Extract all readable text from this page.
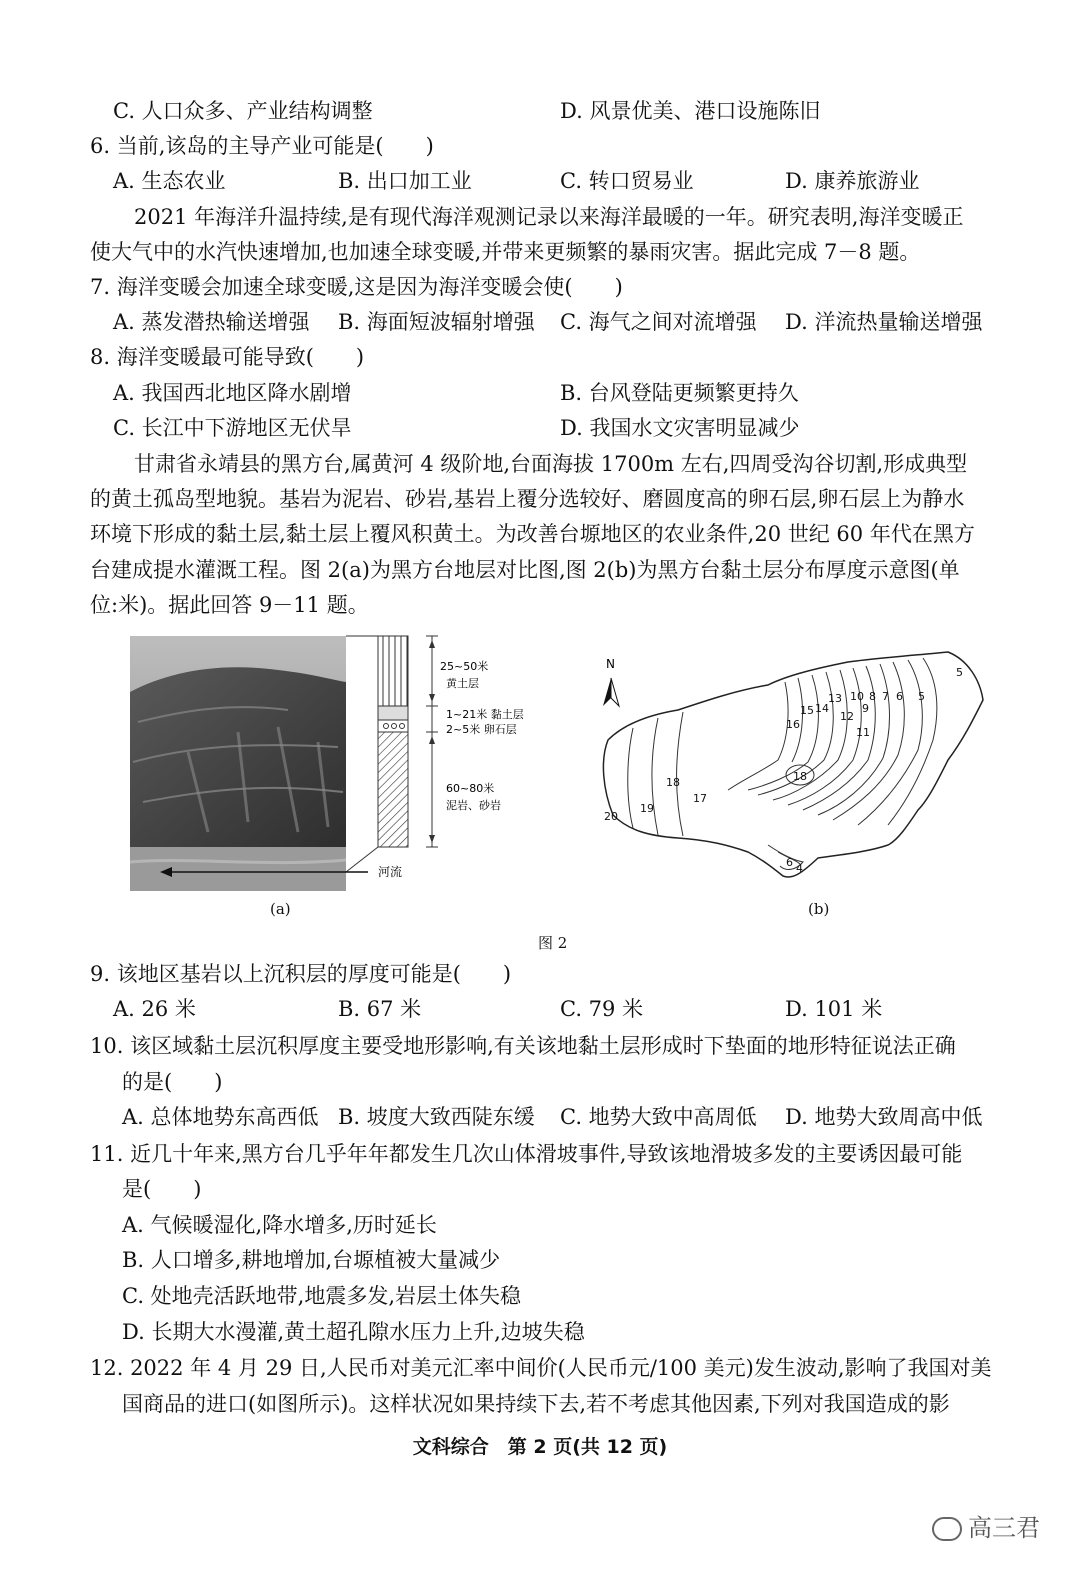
C. 人口众多、产业结构调整	D. 风景优美、港口设施陈旧
6. 当前,该岛的主导产业可能是(　　)
A. 生态农业	B. 出口加工业	C. 转口贸易业	D. 康养旅游业
2021 年海洋升温持续,是有现代海洋观测记录以来海洋最暖的一年。研究表明,海洋变暖正
使大气中的水汽快速增加,也加速全球变暖,并带来更频繁的暴雨灾害。据此完成 7－8 题。
7. 海洋变暖会加速全球变暖,这是因为海洋变暖会使(　　)
A. 蒸发潜热输送增强 B. 海面短波辐射增强 C. 海气之间对流增强 D. 洋流热量输送增强
8. 海洋变暖最可能导致(　　)
A. 我国西北地区降水剧增	B. 台风登陆更频繁更持久
C. 长江中下游地区无伏旱	D. 我国水文灾害明显减少
甘肃省永靖县的黑方台,属黄河 4 级阶地,台面海拔 1700m 左右,四周受沟谷切割,形成典型
的黄土孤岛型地貌。基岩为泥岩、砂岩,基岩上覆分选较好、磨圆度高的卵石层,卵石层上为静水
环境下形成的黏土层,黏土层上覆风积黄土。为改善台塬地区的农业条件,20 世纪 60 年代在黑方
台建成提水灌溉工程。图 2(a)为黑方台地层对比图,图 2(b)为黑方台黏土层分布厚度示意图(单
位:米)。据此回答 9－11 题。
25~50米
黄土层
1~21米 黏土层
2~5米 卵石层
60~80米
泥岩、砂岩
河流
(a)
N
5
5
6
7
8
9
10
11
12
13
14
15
16
17
18
18
19
20
6 4
(b)
图 2
9. 该地区基岩以上沉积层的厚度可能是(　　)
A. 26 米	B. 67 米	C. 79 米	D. 101 米
10. 该区域黏土层沉积厚度主要受地形影响,有关该地黏土层形成时下垫面的地形特征说法正确
的是(　　)
A. 总体地势东高西低 B. 坡度大致西陡东缓 C. 地势大致中高周低 D. 地势大致周高中低
11. 近几十年来,黑方台几乎年年都发生几次山体滑坡事件,导致该地滑坡多发的主要诱因最可能
是(　　)
A. 气候暖湿化,降水增多,历时延长
B. 人口增多,耕地增加,台塬植被大量减少
C. 处地壳活跃地带,地震多发,岩层土体失稳
D. 长期大水漫灌,黄土超孔隙水压力上升,边坡失稳
12. 2022 年 4 月 29 日,人民币对美元汇率中间价(人民币元/100 美元)发生波动,影响了我国对美
国商品的进口(如图所示)。这样状况如果持续下去,若不考虑其他因素,下列对我国造成的影
文科综合　第 2 页(共 12 页)
高三君
